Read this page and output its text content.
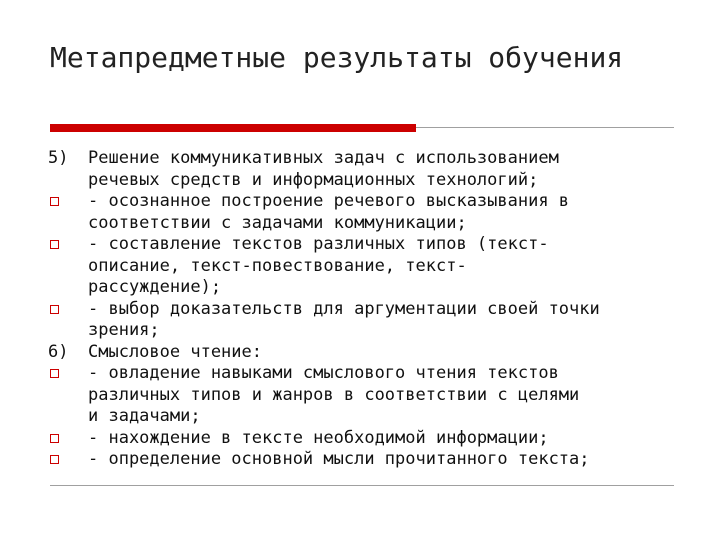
Метапредметные результаты обучения
5)	Решение коммуникативных задач с использованием
речевых средств и информационных технологий;
- осознанное построение речевого высказывания в
соответствии с задачами коммуникации;
- составление текстов различных типов (текст-
описание, текст-повествование, текст-
рассуждение);
- выбор доказательств для аргументации своей точки
зрения;
6)	Смысловое чтение:
- овладение навыками смыслового чтения текстов
различных типов и жанров в соответствии с целями
и задачами;
- нахождение в тексте необходимой информации;
- определение основной мысли прочитанного текста;
